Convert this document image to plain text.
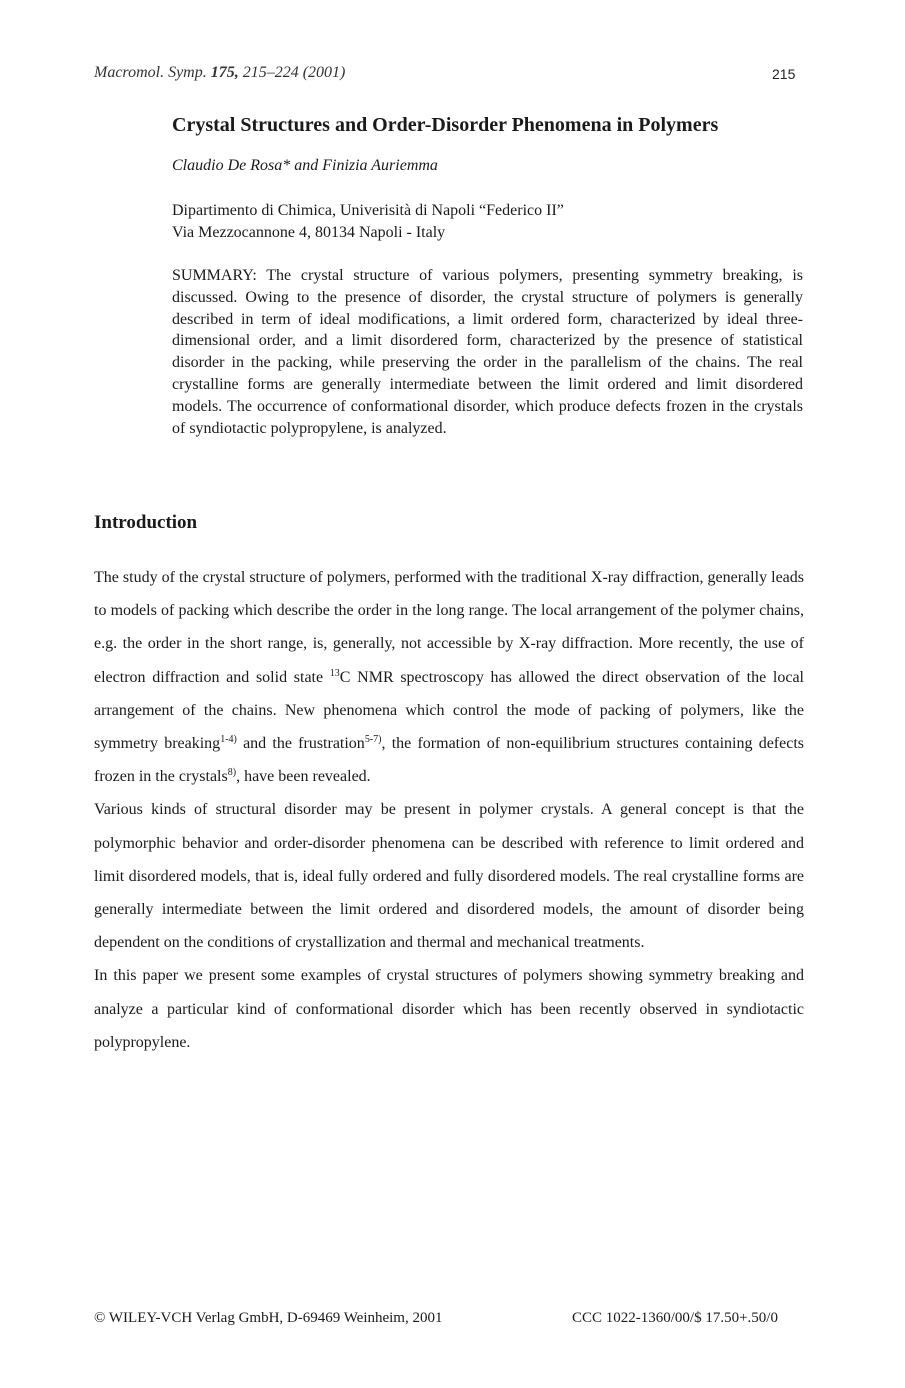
Macromol. Symp. 175, 215–224 (2001)	215
Crystal Structures and Order-Disorder Phenomena in Polymers
Claudio De Rosa* and Finizia Auriemma
Dipartimento di Chimica, Univerisità di Napoli “Federico II”
Via Mezzocannone 4, 80134 Napoli - Italy

SUMMARY: The crystal structure of various polymers, presenting symmetry breaking, is discussed. Owing to the presence of disorder, the crystal structure of polymers is generally described in term of ideal modifications, a limit ordered form, characterized by ideal three-dimensional order, and a limit disordered form, characterized by the presence of statistical disorder in the packing, while preserving the order in the parallelism of the chains. The real crystalline forms are generally intermediate between the limit ordered and limit disordered models. The occurrence of conformational disorder, which produce defects frozen in the crystals of syndiotactic polypropylene, is analyzed.

Introduction

The study of the crystal structure of polymers, performed with the traditional X-ray diffraction, generally leads to models of packing which describe the order in the long range. The local arrangement of the polymer chains, e.g. the order in the short range, is, generally, not accessible by X-ray diffraction. More recently, the use of electron diffraction and solid state $^{13}$C NMR spectroscopy has allowed the direct observation of the local arrangement of the chains. New phenomena which control the mode of packing of polymers, like the symmetry breaking$^{1-4)}$ and the frustration$^{5-7)}$, the formation of non-equilibrium structures containing defects frozen in the crystals$^{8)}$, have been revealed.

Various kinds of structural disorder may be present in polymer crystals. A general concept is that the polymorphic behavior and order-disorder phenomena can be described with reference to limit ordered and limit disordered models, that is, ideal fully ordered and fully disordered models. The real crystalline forms are generally intermediate between the limit ordered and disordered models, the amount of disorder being dependent on the conditions of crystallization and thermal and mechanical treatments.

In this paper we present some examples of crystal structures of polymers showing symmetry breaking and analyze a particular kind of conformational disorder which has been recently observed in syndiotactic polypropylene.

© WILEY-VCH Verlag GmbH, D-69469 Weinheim, 2001	CCC 1022-1360/00/$ 17.50+.50/0
